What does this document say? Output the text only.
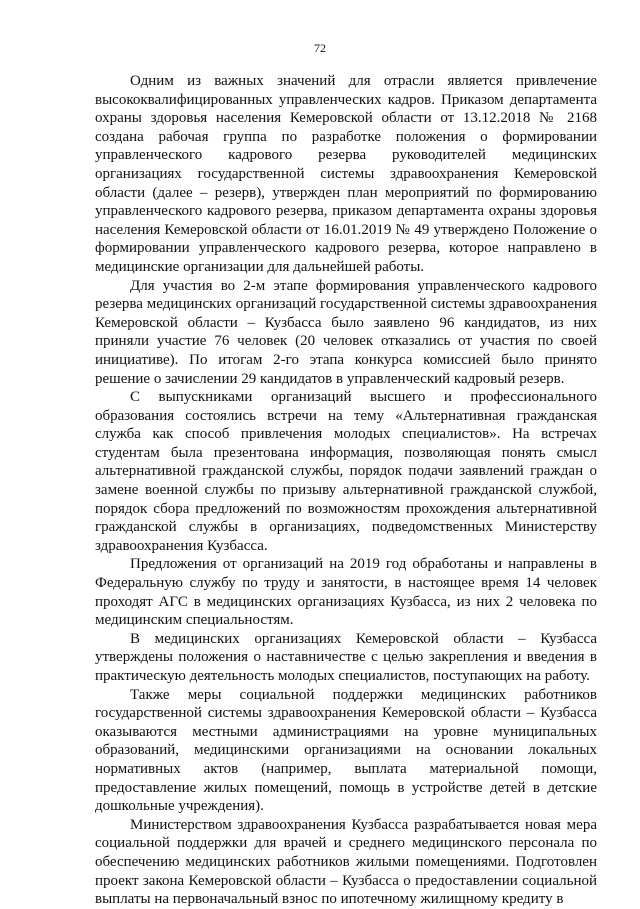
72

Одним из важных значений для отрасли является привлечение высококвалифицированных управленческих кадров. Приказом департамента охраны здоровья населения Кемеровской области от 13.12.2018 № 2168 создана рабочая группа по разработке положения о формировании управленческого кадрового резерва руководителей медицинских организациях государственной системы здравоохранения Кемеровской области (далее – резерв), утвержден план мероприятий по формированию управленческого кадрового резерва, приказом департамента охраны здоровья населения Кемеровской области от 16.01.2019 № 49 утверждено Положение о формировании управленческого кадрового резерва, которое направлено в медицинские организации для дальнейшей работы.

Для участия во 2-м этапе формирования управленческого кадрового резерва медицинских организаций государственной системы здравоохранения Кемеровской области – Кузбасса было заявлено 96 кандидатов, из них приняли участие 76 человек (20 человек отказались от участия по своей инициативе). По итогам 2-го этапа конкурса комиссией было принято решение о зачислении 29 кандидатов в управленческий кадровый резерв.

С выпускниками организаций высшего и профессионального образования состоялись встречи на тему «Альтернативная гражданская служба как способ привлечения молодых специалистов». На встречах студентам была презентована информация, позволяющая понять смысл альтернативной гражданской службы, порядок подачи заявлений граждан о замене военной службы по призыву альтернативной гражданской службой, порядок сбора предложений по возможностям прохождения альтернативной гражданской службы в организациях, подведомственных Министерству здравоохранения Кузбасса.

Предложения от организаций на 2019 год обработаны и направлены в Федеральную службу по труду и занятости, в настоящее время 14 человек проходят АГС в медицинских организациях Кузбасса, из них 2 человека по медицинским специальностям.

В медицинских организациях Кемеровской области – Кузбасса утверждены положения о наставничестве с целью закрепления и введения в практическую деятельность молодых специалистов, поступающих на работу.

Также меры социальной поддержки медицинских работников государственной системы здравоохранения Кемеровской области – Кузбасса оказываются местными администрациями на уровне муниципальных образований, медицинскими организациями на основании локальных нормативных актов (например, выплата материальной помощи, предоставление жилых помещений, помощь в устройстве детей в детские дошкольные учреждения).

Министерством здравоохранения Кузбасса разрабатывается новая мера социальной поддержки для врачей и среднего медицинского персонала по обеспечению медицинских работников жилыми помещениями. Подготовлен проект закона Кемеровской области – Кузбасса о предоставлении социальной выплаты на первоначальный взнос по ипотечному жилищному кредиту в
